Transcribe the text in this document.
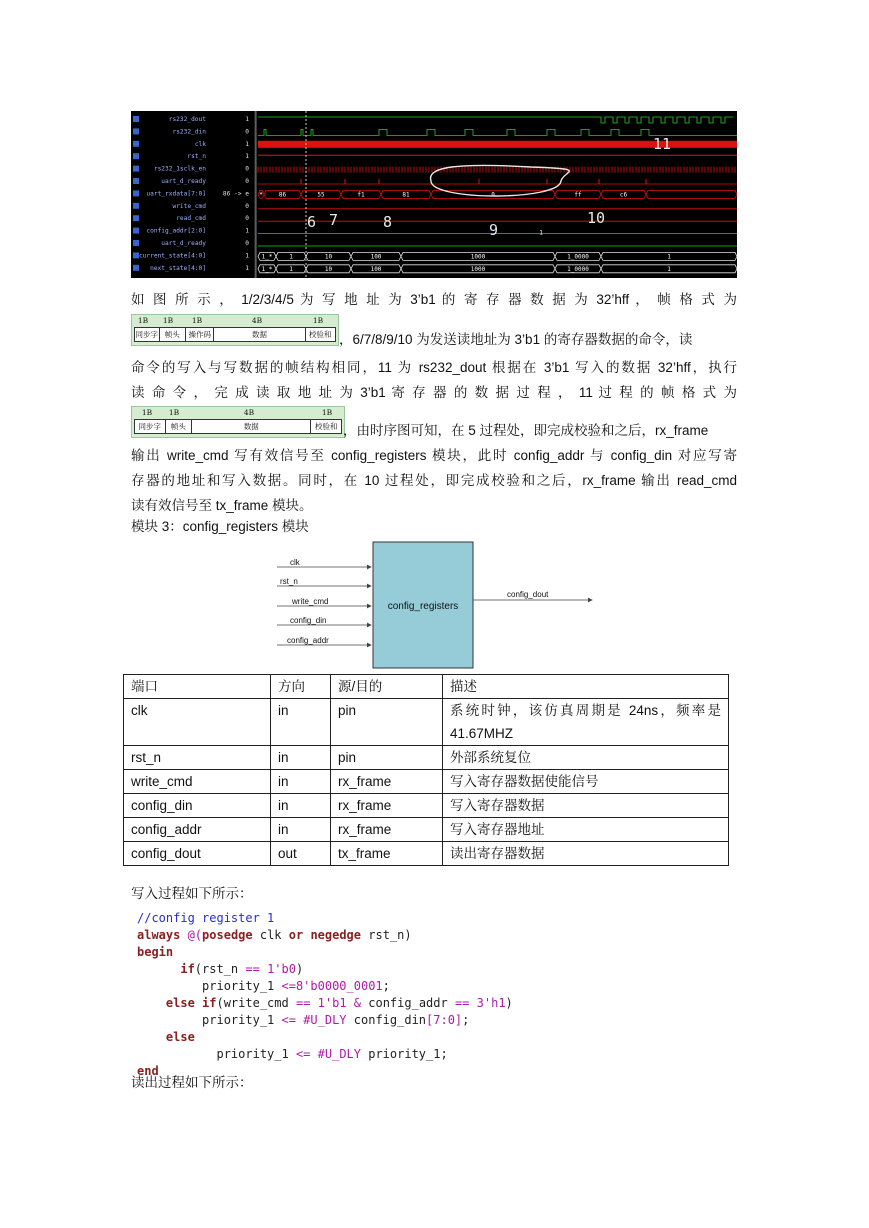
rs232_dout
rs232_din
clk
rst_n
rs232_1sclk_en
uart_d_ready
uart_rxdata[7:0]
write_cmd
read_cmd
config_addr[2:0]
uart_d_ready
current_state[4:0]
next_state[4:0]
1
0
1
1
0
0
86 -> e
0
0
1
0
1
1
*	86	55	f1	81	0	ff	c6
1
1_*	1	10	100	1000	1_0000	1
1_*	1	10	100	1000	1_0000	1
6 7	8	9
10
11
如 图 所 示 ， 1/2/3/4/5 为 写 地 址 为 3’b1 的 寄 存 器 数 据 为 32’hff ， 帧 格 式 为
1B	1B	1B	4B	1B
同步字 帧头	操作码	数据	校验和 ，6/7/8/9/10 为发送读地址为 3’b1 的寄存器数据的命令，读
命令的写入与写数据的帧结构相同，11 为 rs232_dout 根据在 3’b1 写入的数据 32’hff，执行
读 命 令 ， 完 成 读 取 地 址 为 3’b1 寄 存 器 的 数 据 过 程 ， 11 过 程 的 帧 格 式 为
1B	1B	4B	1B
同步字	帧头	数据	校验和 ，由时序图可知，在 5 过程处，即完成校验和之后，rx_frame
输出 write_cmd 写有效信号至 config_registers 模块，此时 config_addr 与 config_din 对应写寄
存器的地址和写入数据。同时，在 10 过程处，即完成校验和之后，rx_frame 输出 read_cmd
读有效信号至 tx_frame 模块。
模块 3：config_registers 模块
config_registers
clk
rst_n
write_cmd
config_din
config_addr
config_dout
端口	方向	源/目的	描述
clk	in	pin	系统时钟，该仿真周期是 24ns，频率是
41.67MHZ

rst_n	in	pin	外部系统复位
write_cmd	in	rx_frame	写入寄存器数据使能信号
config_din	in	rx_frame	写入寄存器数据
config_addr	in	rx_frame	写入寄存器地址
config_dout	out	tx_frame	读出寄存器数据
写入过程如下所示：
//config register 1
always @(posedge clk or negedge rst_n)
begin
if(rst_n == 1'b0)
priority_1 <=8'b0000_0001;
else if(write_cmd == 1'b1 & config_addr == 3'h1)
priority_1 <= #U_DLY config_din[7:0];
else
priority_1 <= #U_DLY priority_1;
end
读出过程如下所示：
